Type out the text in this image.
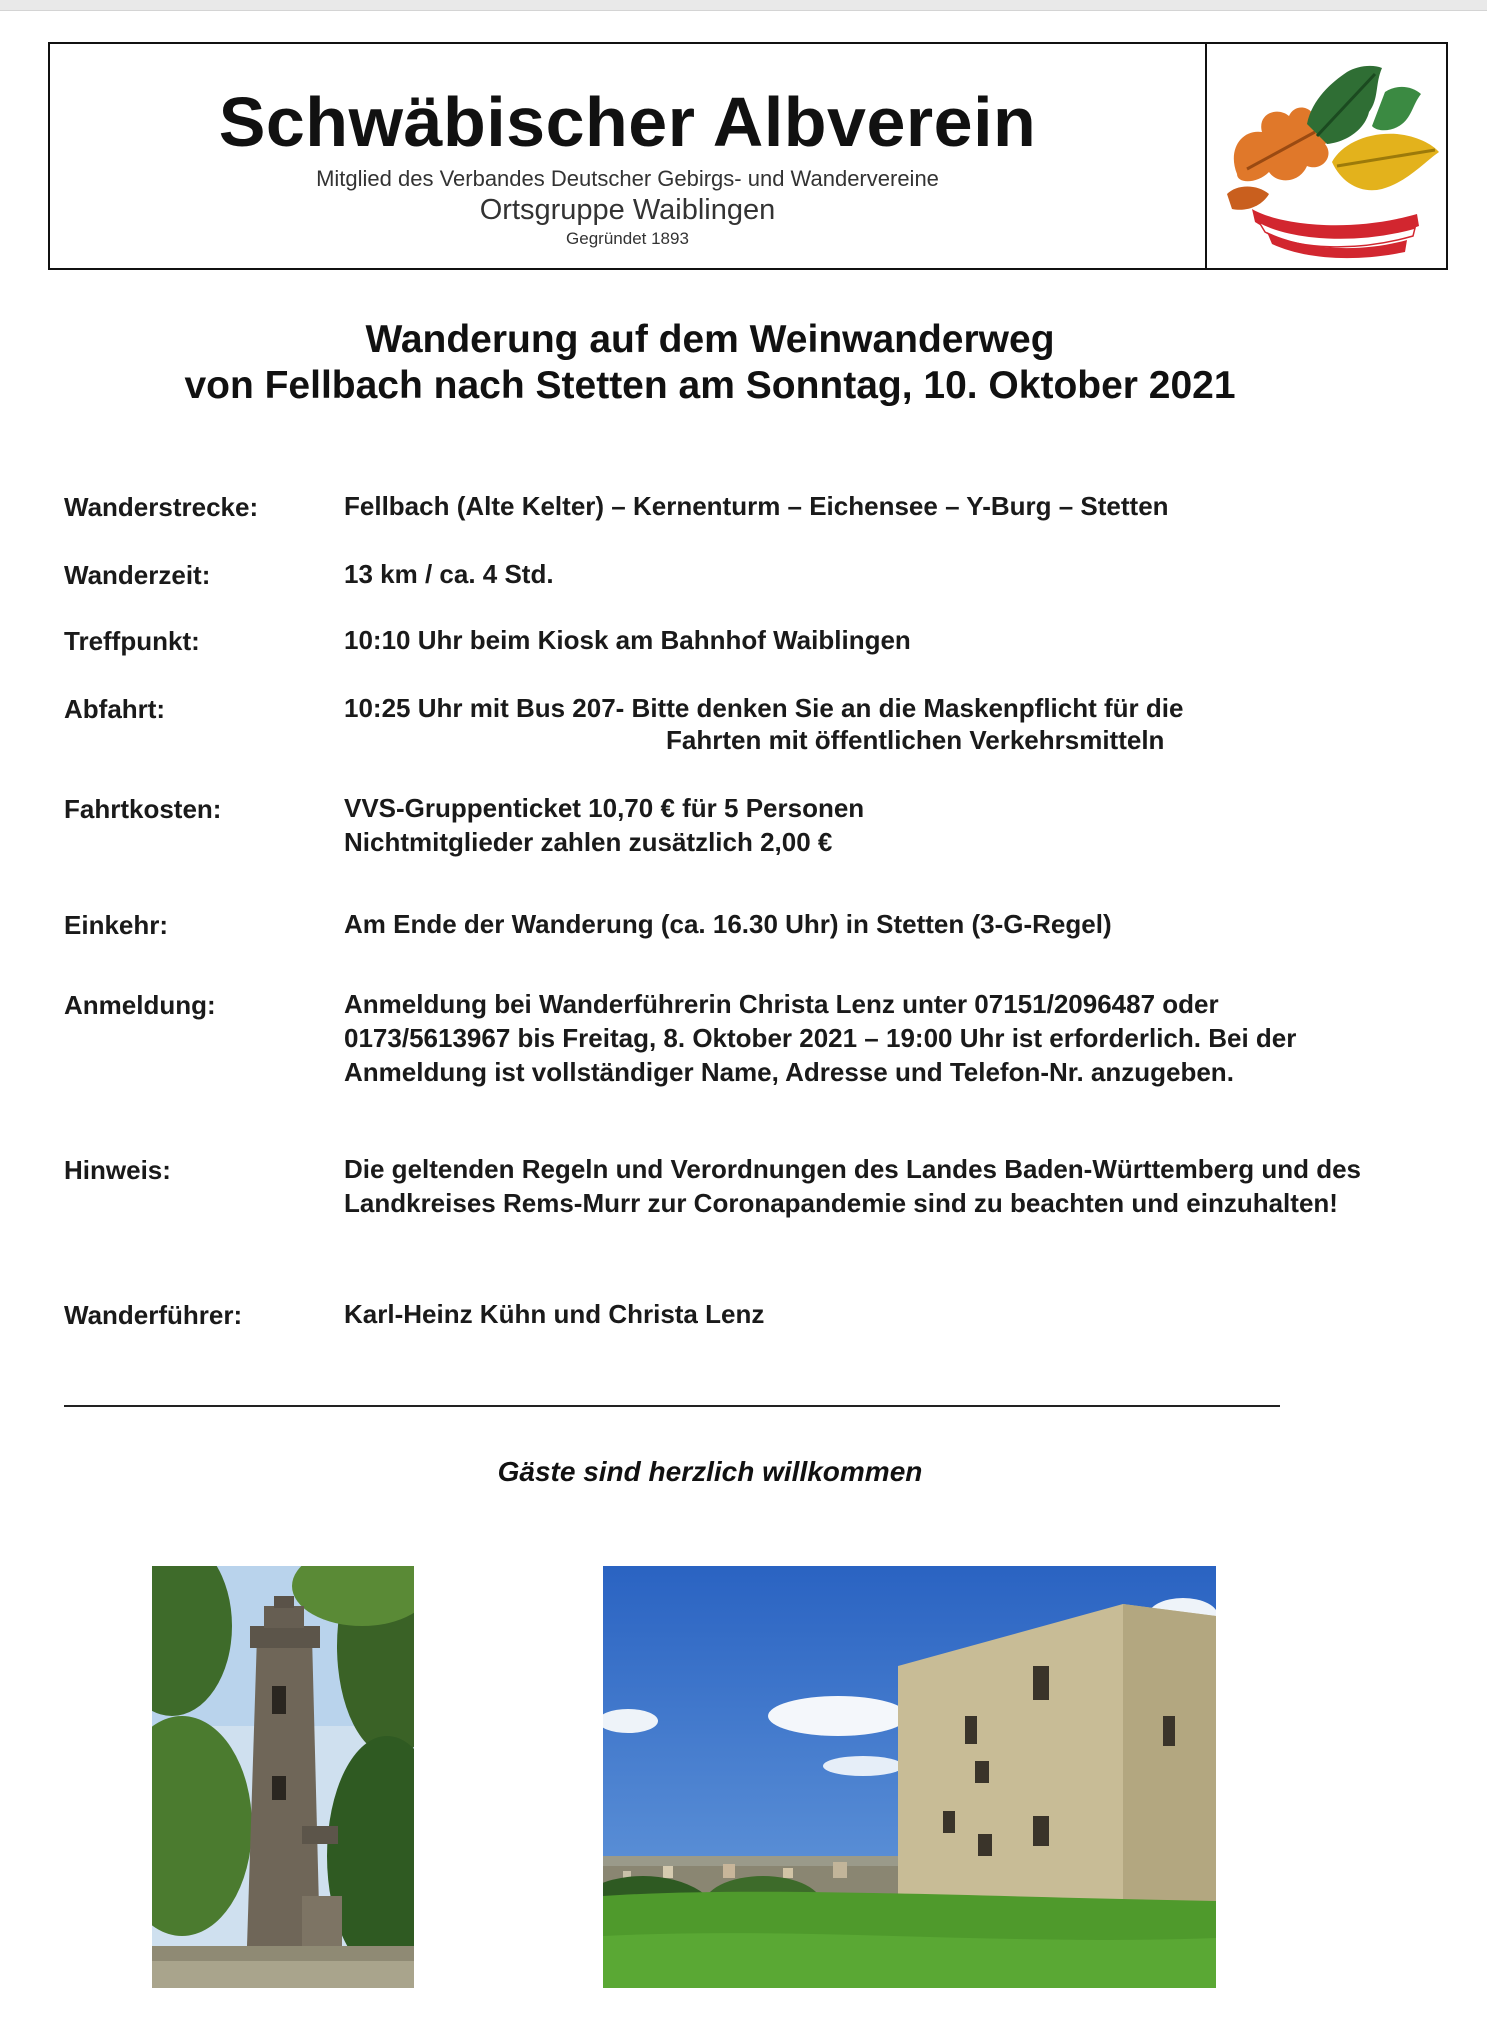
Schwäbischer Albverein
Mitglied des Verbandes Deutscher Gebirgs- und Wandervereine
Ortsgruppe Waiblingen
Gegründet 1893
Wanderung auf dem Weinwanderweg
von Fellbach nach Stetten am Sonntag, 10. Oktober 2021
Wanderstrecke:	Fellbach (Alte Kelter) – Kernenturm – Eichensee – Y-Burg – Stetten
Wanderzeit:	13 km / ca. 4 Std.
Treffpunkt:	10:10 Uhr beim Kiosk am Bahnhof Waiblingen
Abfahrt:	10:25 Uhr mit Bus 207- Bitte denken Sie an die Maskenpflicht für die
Fahrten mit öffentlichen Verkehrsmitteln
Fahrtkosten:	VVS-Gruppenticket 10,70 € für 5 Personen
Nichtmitglieder zahlen zusätzlich 2,00 €
Einkehr:	Am Ende der Wanderung (ca. 16.30 Uhr) in Stetten (3-G-Regel)
Anmeldung:	Anmeldung bei Wanderführerin Christa Lenz unter 07151/2096487 oder 0173/5613967 bis Freitag, 8. Oktober 2021 – 19:00 Uhr ist erforderlich. Bei der Anmeldung ist vollständiger Name, Adresse und Telefon-Nr. anzugeben.
Hinweis:	Die geltenden Regeln und Verordnungen des Landes Baden-Württemberg und des Landkreises Rems-Murr zur Coronapandemie sind zu beachten und einzuhalten!
Wanderführer:	Karl-Heinz Kühn und Christa Lenz
Gäste sind herzlich willkommen
